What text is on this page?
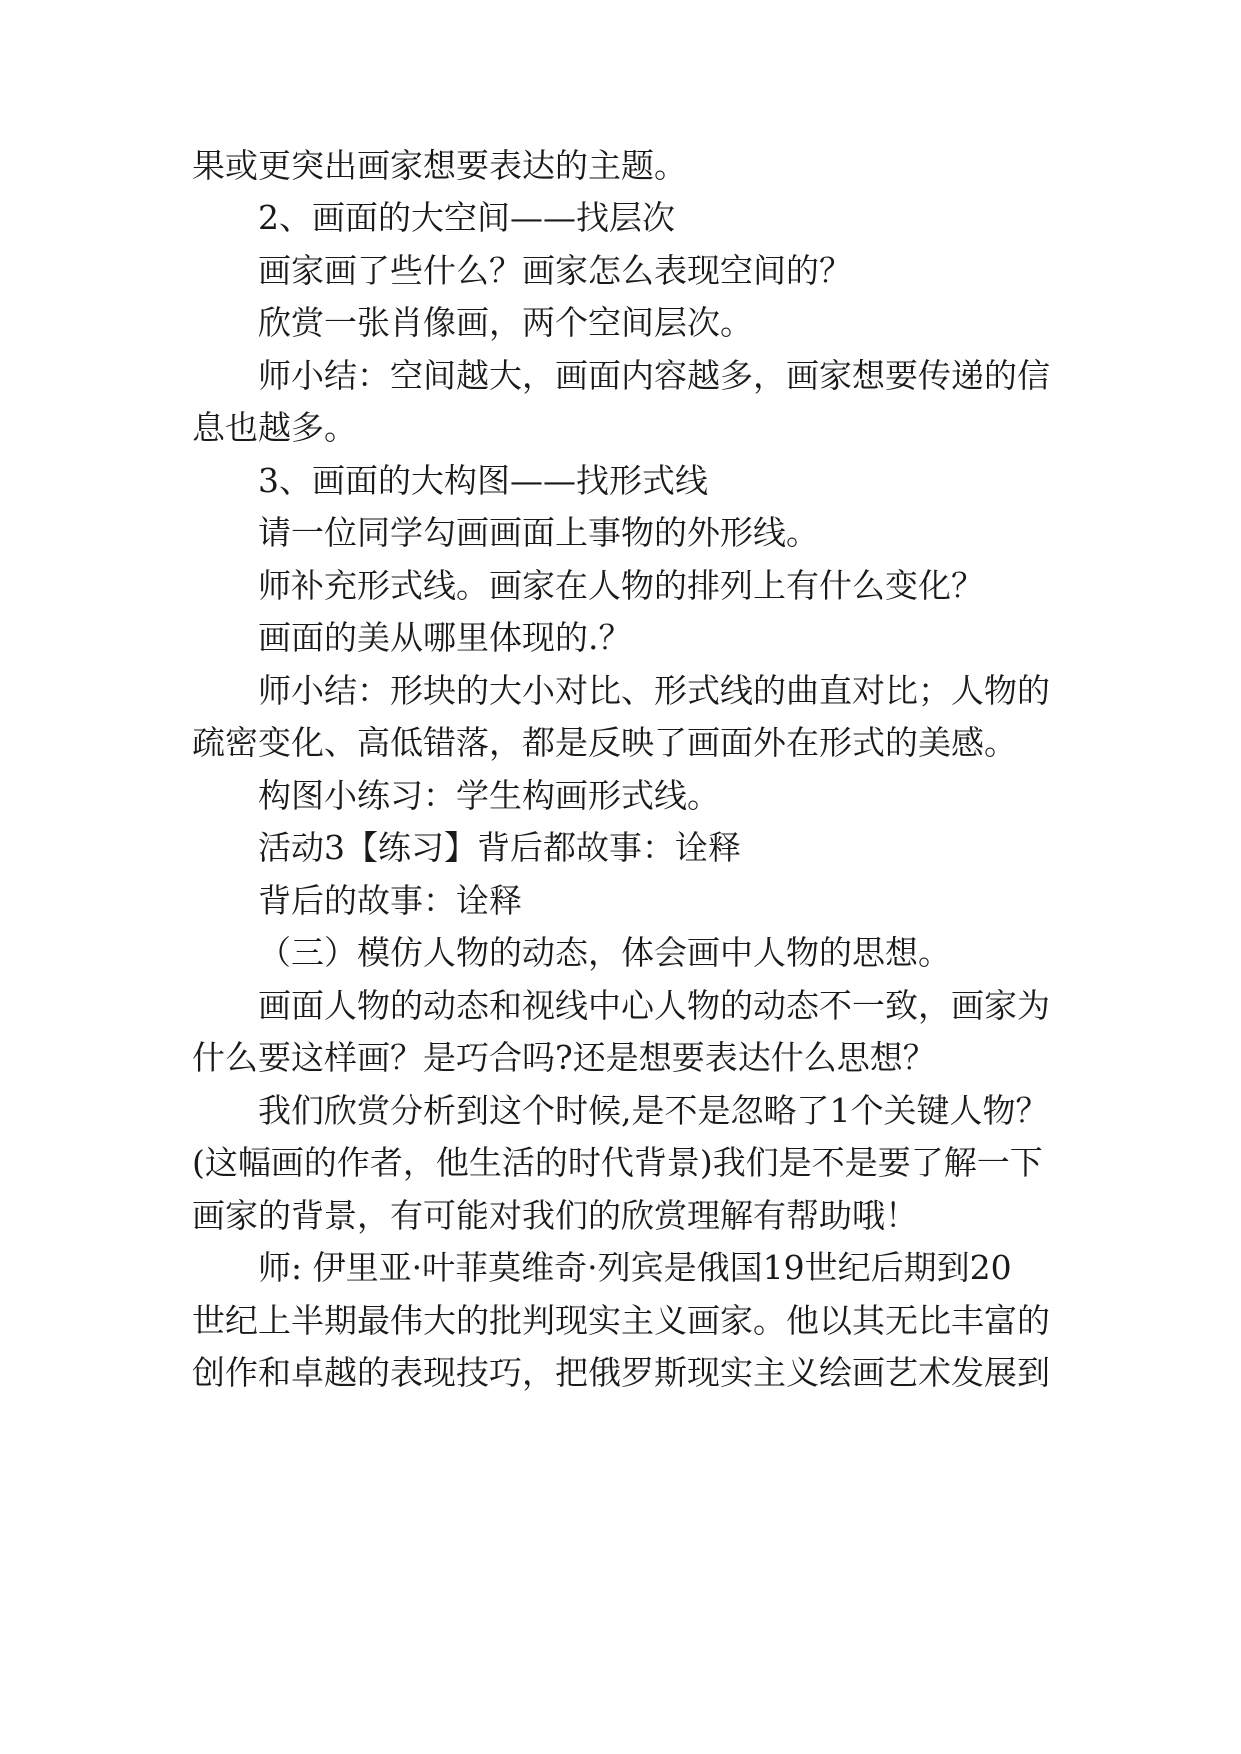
果或更突出画家想要表达的主题。
2、画面的大空间——找层次
画家画了些什么？画家怎么表现空间的？
欣赏一张肖像画，两个空间层次。
师小结：空间越大，画面内容越多，画家想要传递的信
息也越多。
3、画面的大构图——找形式线
请一位同学勾画画面上事物的外形线。
师补充形式线。画家在人物的排列上有什么变化？
画面的美从哪里体现的.？
师小结：形块的大小对比、形式线的曲直对比；人物的
疏密变化、高低错落，都是反映了画面外在形式的美感。
构图小练习：学生构画形式线。
活动3【练习】背后都故事：诠释
背后的故事：诠释
（三）模仿人物的动态，体会画中人物的思想。
画面人物的动态和视线中心人物的动态不一致，画家为
什么要这样画？是巧合吗?还是想要表达什么思想？
我们欣赏分析到这个时候,是不是忽略了1个关键人物？
(这幅画的作者，他生活的时代背景)我们是不是要了解一下
画家的背景，有可能对我们的欣赏理解有帮助哦！
师: 伊里亚·叶菲莫维奇·列宾是俄国19世纪后期到20
世纪上半期最伟大的批判现实主义画家。他以其无比丰富的
创作和卓越的表现技巧，把俄罗斯现实主义绘画艺术发展到
